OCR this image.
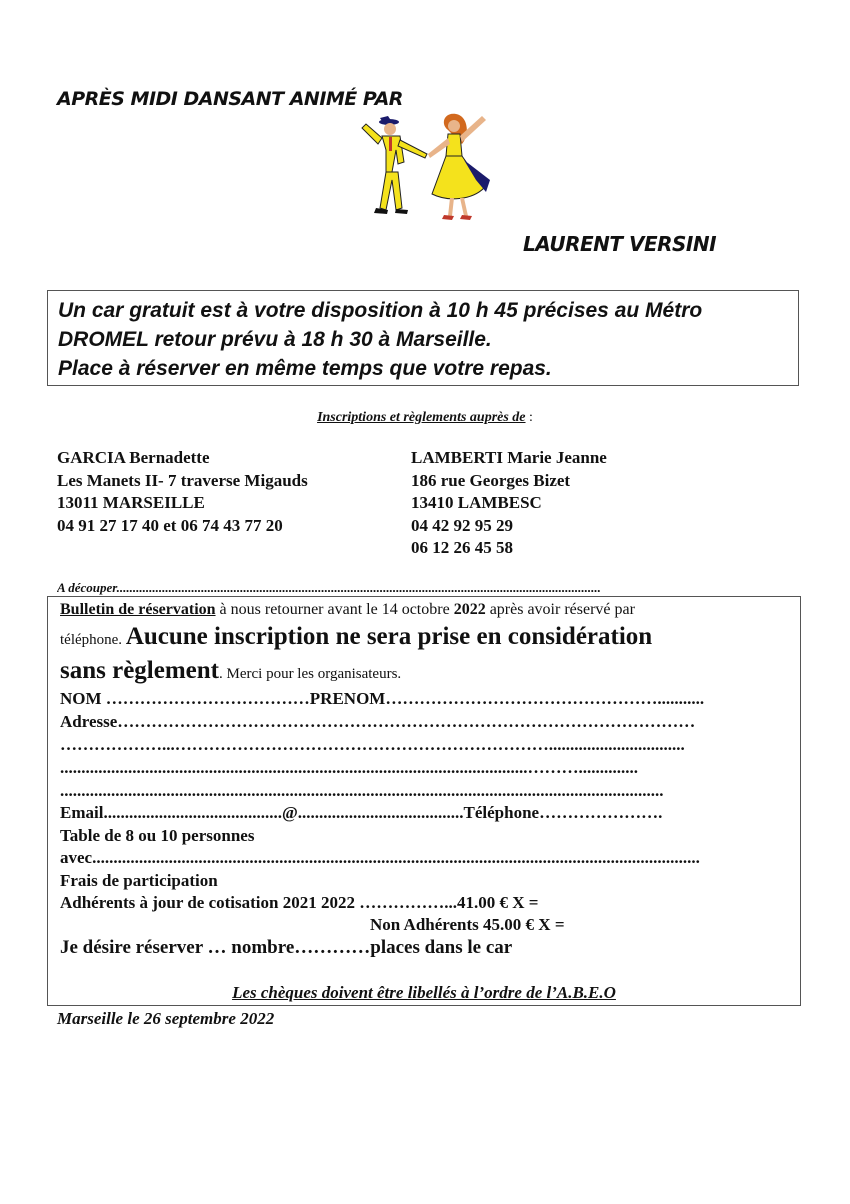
APRÈS MIDI DANSANT ANIMÉ PAR
LAURENT VERSINI
Un car gratuit est à votre disposition à 10 h 45 précises au Métro
DROMEL retour prévu à 18 h 30 à Marseille.
Place à réserver en même temps que votre repas.
Inscriptions et règlements auprès de :
GARCIA Bernadette
Les Manets II- 7 traverse Migauds
13011 MARSEILLE
04 91 27 17 40 et 06 74 43 77 20
LAMBERTI Marie Jeanne
186 rue Georges Bizet
13410 LAMBESC
04 42 92 95 29
06 12 26 45 58
A découper.....................................................................................................................................................
Bulletin de réservation à nous retourner avant le 14 octobre 2022 après avoir réservé par
téléphone. Aucune inscription ne sera prise en considération
sans règlement. Merci pour les organisateurs.
NOM ………………………………PRENOM…………………………………………...........
Adresse…………………………………………………………………………………………
………………...…………………………………………………………................................
..............................................................................................................………..............
..............................................................................................................................................
Email..........................................@.......................................Téléphone………………….
Table de 8 ou 10 personnes
avec...............................................................................................................................................
Frais de participation
Adhérents à jour de cotisation 2021 2022 ……………...41.00 € X =
Non Adhérents 45.00 € X =
Je désire réserver … nombre…………places dans le car
Les chèques doivent être libellés à l’ordre de l’A.B.E.O
Marseille le 26 septembre 2022
